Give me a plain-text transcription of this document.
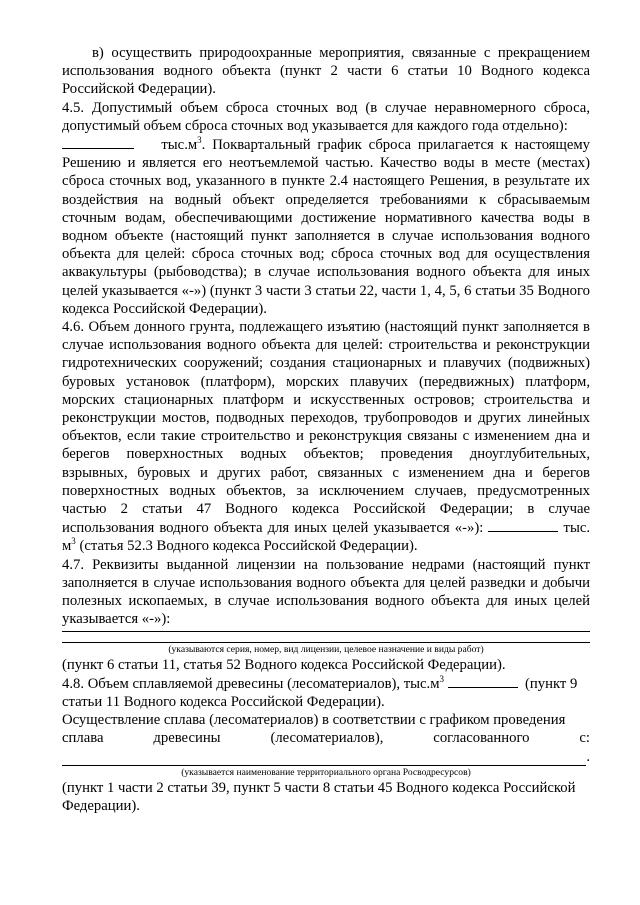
в) осуществить природоохранные мероприятия, связанные с прекращением использования водного объекта (пункт 2 части 6 статьи 10 Водного кодекса Российской Федерации).

4.5. Допустимый объем сброса сточных вод (в случае неравномерного сброса, допустимый объем сброса сточных вод указывается для каждого года отдельно):
$тыс.м^3$. Поквартальный график сброса прилагается к настоящему Решению и является его неотъемлемой частью. Качество воды в месте (местах) сброса сточных вод, указанного в пункте 2.4 настоящего Решения, в результате их воздействия на водный объект определяется требованиями к сбрасываемым сточным водам, обеспечивающими достижение нормативного качества воды в водном объекте (настоящий пункт заполняется в случае использования водного объекта для целей: сброса сточных вод; сброса сточных вод для осуществления аквакультуры (рыбоводства); в случае использования водного объекта для иных целей указывается «-») (пункт 3 части 3 статьи 22, части 1, 4, 5, 6 статьи 35 Водного кодекса Российской Федерации).

4.6. Объем донного грунта, подлежащего изъятию (настоящий пункт заполняется в случае использования водного объекта для целей: строительства и реконструкции гидротехнических сооружений; создания стационарных и плавучих (подвижных) буровых установок (платформ), морских плавучих (передвижных) платформ, морских стационарных платформ и искусственных островов; строительства и реконструкции мостов, подводных переходов, трубопроводов и других линейных объектов, если такие строительство и реконструкция связаны с изменением дна и берегов поверхностных водных объектов; проведения дноуглубительных, взрывных, буровых и других работ, связанных с изменением дна и берегов поверхностных водных объектов, за исключением случаев, предусмотренных частью 2 статьи 47 Водного кодекса Российской Федерации; в случае использования водного объекта для иных целей указывается «-»):	тыс. $м^3$ (статья 52.3 Водного кодекса Российской Федерации).

4.7. Реквизиты выданной лицензии на пользование недрами (настоящий пункт заполняется в случае использования водного объекта для целей разведки и добычи полезных ископаемых, в случае использования водного объекта для иных целей указывается «-»):
(указываются серия, номер, вид лицензии, целевое назначение и виды работ)

(пункт 6 статьи 11, статья 52 Водного кодекса Российской Федерации).

4.8. Объем сплавляемой древесины (лесоматериалов), $тыс.м^3$	(пункт 9
статьи 11 Водного кодекса Российской Федерации).

Осуществление сплава (лесоматериалов) в соответствии с графиком проведения

сплава	древесины	(лесоматериалов),	согласованного	с:
.
(указывается наименование территориального органа Росводресурсов)

(пункт 1 части 2 статьи 39, пункт 5 части 8 статьи 45 Водного кодекса Российской Федерации).
